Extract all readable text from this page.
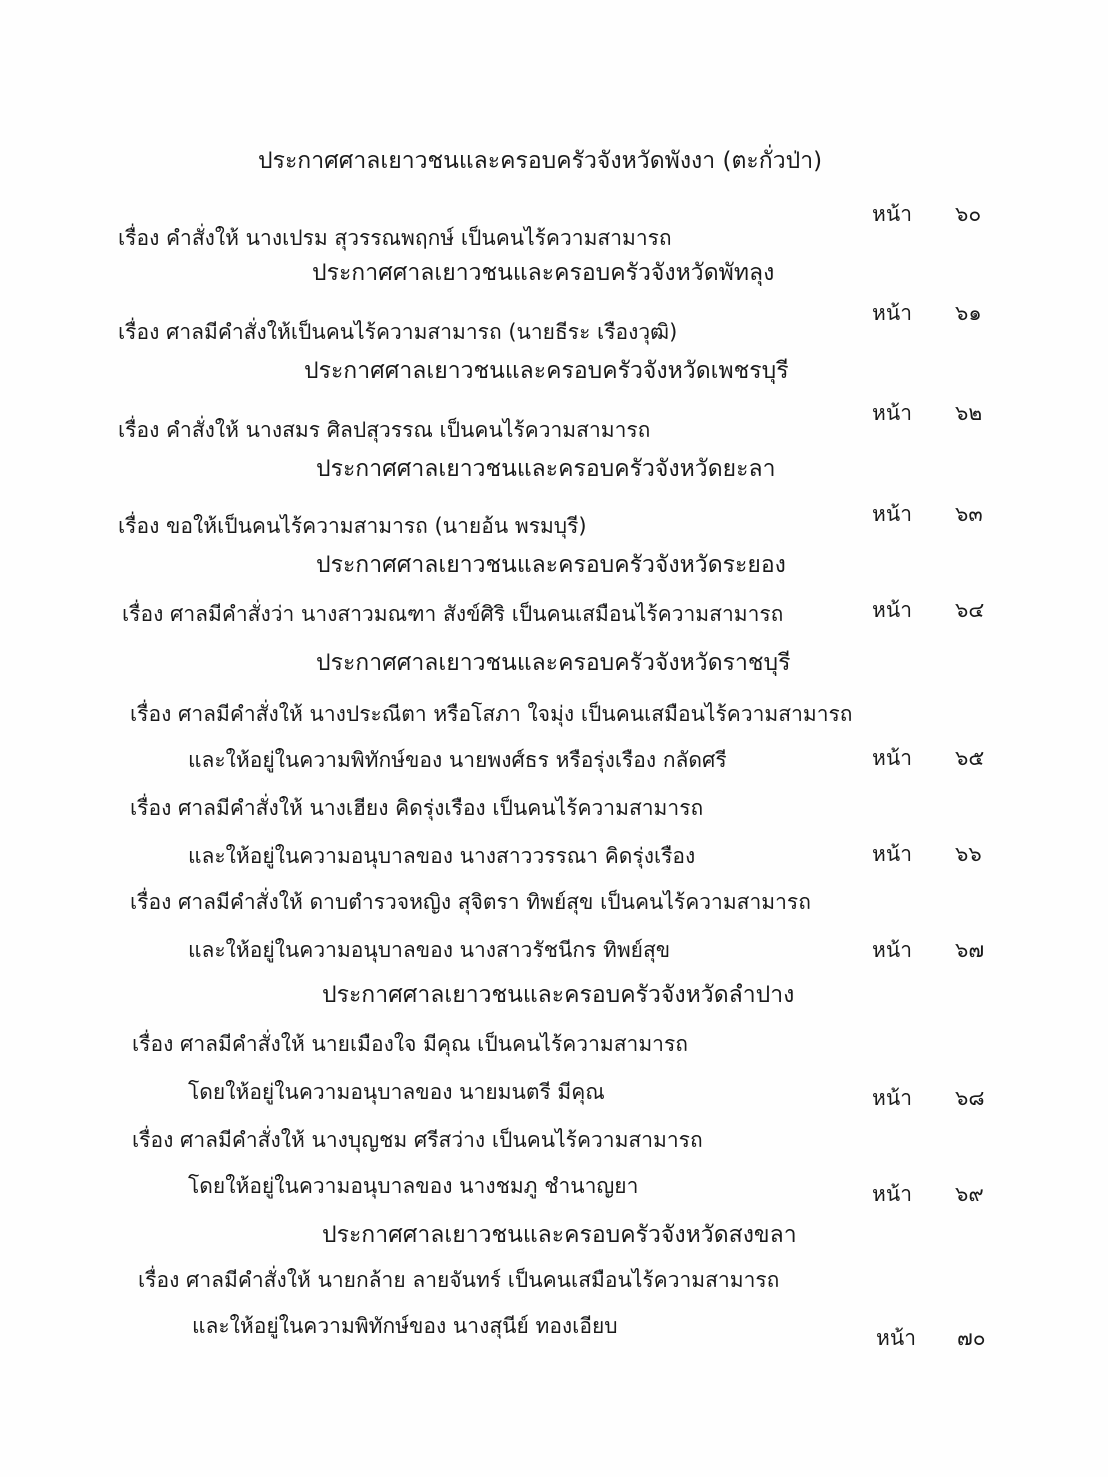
ประกาศศาลเยาวชนและครอบครัวจังหวัดพังงา (ตะกั่วป่า)
เรื่อง คำสั่งให้ นางเปรม สุวรรณพฤกษ์ เป็นคนไร้ความสามารถ
หน้า ๖๐
ประกาศศาลเยาวชนและครอบครัวจังหวัดพัทลุง
เรื่อง ศาลมีคำสั่งให้เป็นคนไร้ความสามารถ (นายธีระ เรืองวุฒิ)
หน้า ๖๑
ประกาศศาลเยาวชนและครอบครัวจังหวัดเพชรบุรี
เรื่อง คำสั่งให้ นางสมร ศิลปสุวรรณ เป็นคนไร้ความสามารถ
หน้า ๖๒
ประกาศศาลเยาวชนและครอบครัวจังหวัดยะลา
เรื่อง ขอให้เป็นคนไร้ความสามารถ (นายอ้น พรมบุรี)	หน้า ๖๓
ประกาศศาลเยาวชนและครอบครัวจังหวัดระยอง
เรื่อง ศาลมีคำสั่งว่า นางสาวมณฑา สังข์ศิริ เป็นคนเสมือนไร้ความสามารถ	หน้า ๖๔
ประกาศศาลเยาวชนและครอบครัวจังหวัดราชบุรี
เรื่อง ศาลมีคำสั่งให้ นางประณีตา หรือโสภา ใจมุ่ง เป็นคนเสมือนไร้ความสามารถ
และให้อยู่ในความพิทักษ์ของ นายพงศ์ธร หรือรุ่งเรือง กลัดศรี	หน้า ๖๕
เรื่อง ศาลมีคำสั่งให้ นางเฮียง คิดรุ่งเรือง เป็นคนไร้ความสามารถ
และให้อยู่ในความอนุบาลของ นางสาววรรณา คิดรุ่งเรือง	หน้า ๖๖
เรื่อง ศาลมีคำสั่งให้ ดาบตำรวจหญิง สุจิตรา ทิพย์สุข เป็นคนไร้ความสามารถ
และให้อยู่ในความอนุบาลของ นางสาวรัชนีกร ทิพย์สุข	หน้า ๖๗
ประกาศศาลเยาวชนและครอบครัวจังหวัดลำปาง
เรื่อง ศาลมีคำสั่งให้ นายเมืองใจ มีคุณ เป็นคนไร้ความสามารถ
โดยให้อยู่ในความอนุบาลของ นายมนตรี มีคุณ	หน้า ๖๘
เรื่อง ศาลมีคำสั่งให้ นางบุญชม ศรีสว่าง เป็นคนไร้ความสามารถ
โดยให้อยู่ในความอนุบาลของ นางชมภู ชำนาญยา	หน้า ๖๙
ประกาศศาลเยาวชนและครอบครัวจังหวัดสงขลา
เรื่อง ศาลมีคำสั่งให้ นายกล้าย ลายจันทร์ เป็นคนเสมือนไร้ความสามารถ
และให้อยู่ในความพิทักษ์ของ นางสุนีย์ ทองเอียบ	หน้า ๗๐
